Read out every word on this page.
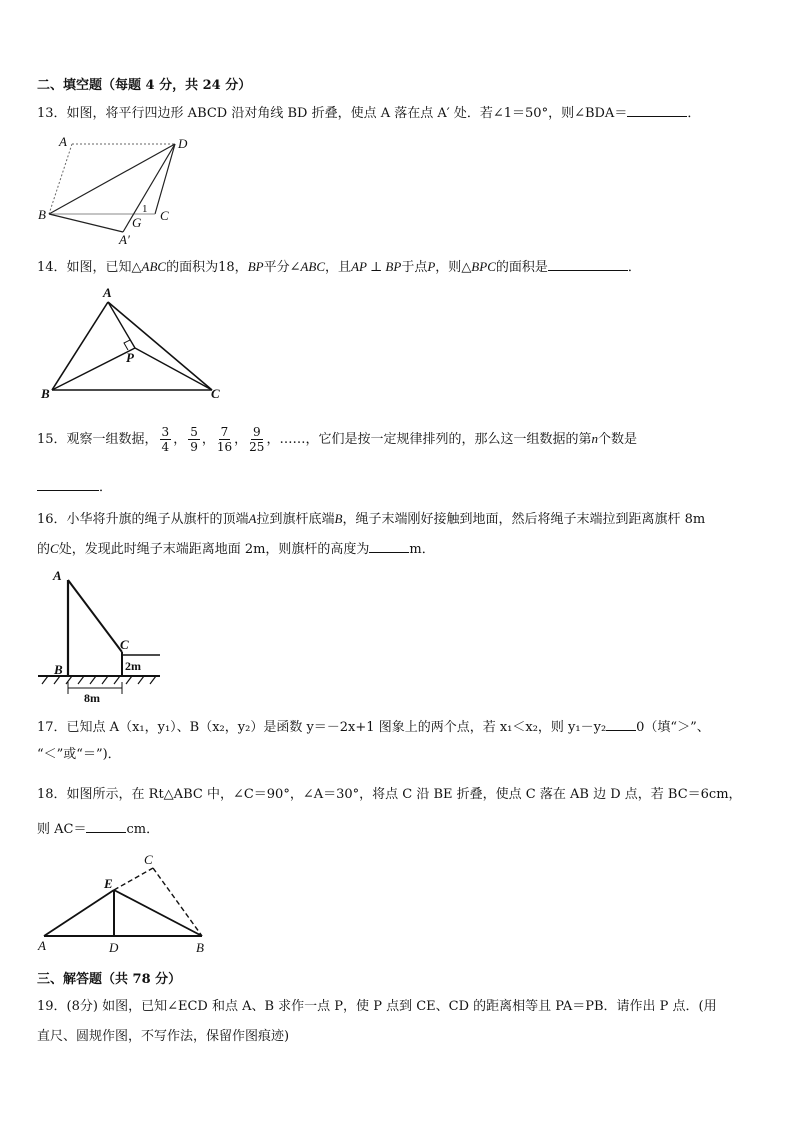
二、填空题（每题 4 分，共 24 分）
13．如图，将平行四边形 ABCD 沿对角线 BD 折叠，使点 A 落在点 A′ 处．若∠1＝50°，则∠BDA＝	．
A	D
B	1
G C
A′
14．如图，已知△ABC的面积为18，BP平分∠ABC，且AP ⊥ BP于点P，则△BPC的面积是	．
A
P
B	C
15．观察一组数据， $\frac{3}{4}$ ， $\frac{5}{9}$ ， $\frac{7}{16}$ ， $\frac{9}{25}$ ，……，它们是按一定规律排列的，那么这一组数据的第n个数是
．
16．小华将升旗的绳子从旗杆的顶端A拉到旗杆底端B，绳子末端刚好接触到地面，然后将绳子末端拉到距离旗杆 8m
的C处，发现此时绳子末端距离地面 2m，则旗杆的高度为	m．
A
C
B	2m
8m
17．已知点 A（x₁，y₁）、B（x₂，y₂）是函数 y＝－2x+1 图象上的两个点，若 x₁＜x₂，则 y₁－y₂ 0（填“＞”、
“＜”或“＝”)．
18．如图所示，在 Rt△ABC 中，∠C＝90°，∠A＝30°，将点 C 沿 BE 折叠，使点 C 落在 AB 边 D 点，若 BC＝6cm，
则 AC＝	cm．
C
E
A	D	B
三、解答题（共 78 分）
19．(8分) 如图，已知∠ECD 和点 A、B 求作一点 P，使 P 点到 CE、CD 的距离相等且 PA＝PB．请作出 P 点．(用
直尺、圆规作图，不写作法，保留作图痕迹)
